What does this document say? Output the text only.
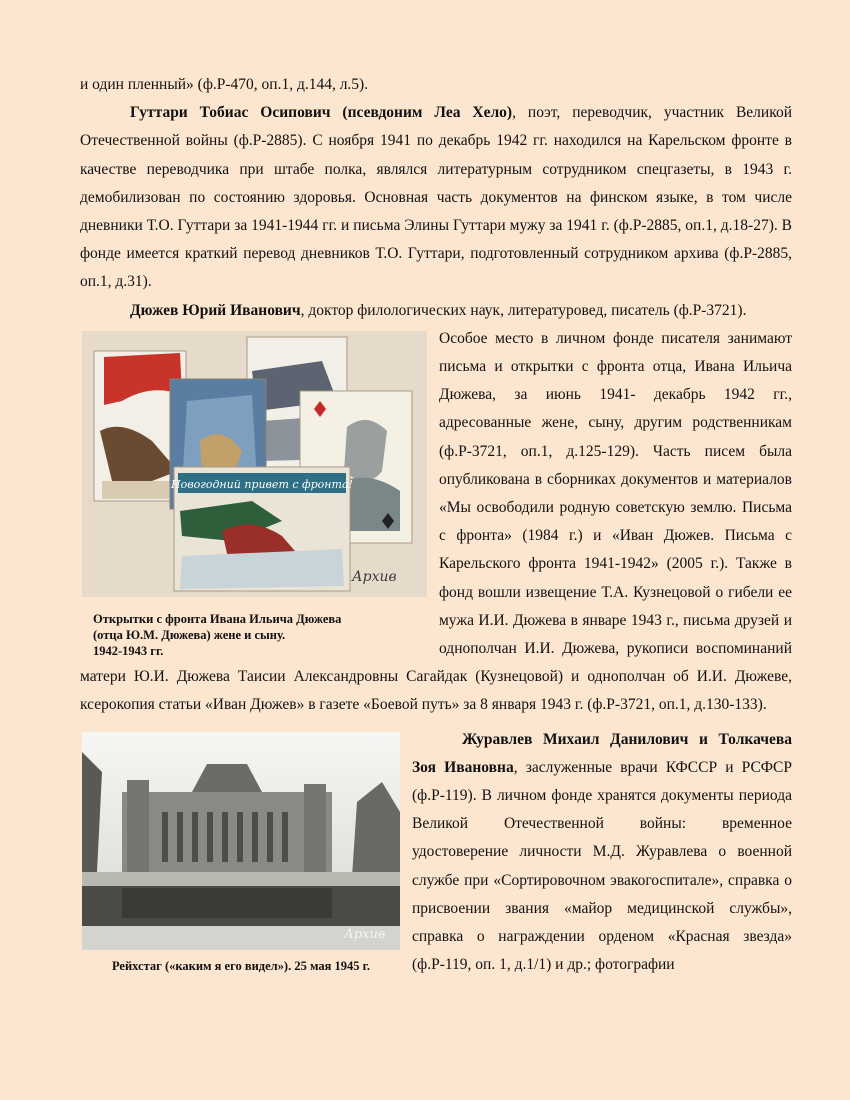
и один пленный» (ф.Р-470, оп.1, д.144, л.5).

Гуттари Тобиас Осипович (псевдоним Леа Хело), поэт, переводчик, участник Великой Отечественной войны (ф.Р-2885). С ноября 1941 по декабрь 1942 гг. находился на Карельском фронте в качестве переводчика при штабе полка, являлся литературным сотрудником спецгазеты, в 1943 г. демобилизован по состоянию здоровья. Основная часть документов на финском языке, в том числе дневники Т.О. Гуттари за 1941-1944 гг. и письма Элины Гуттари мужу за 1941 г. (ф.Р-2885, оп.1, д.18-27). В фонде имеется краткий перевод дневников Т.О. Гуттари, подготовленный сотрудником архива (ф.Р-2885, оп.1, д.31).

Дюжев Юрий Иванович, доктор филологических наук, литературовед, писатель (ф.Р-3721).

Новогодний привет с фронта!
Архив
Открытки с фронта Ивана Ильича Дюжева
(отца Ю.М. Дюжева) жене и сыну.
1942-1943 гг.

Особое место в личном фонде писателя занимают письма и открытки с фронта отца, Ивана Ильича Дюжева, за июнь 1941- декабрь 1942 гг., адресованные жене, сыну, другим родственникам (ф.Р-3721, оп.1, д.125-129). Часть писем была опубликована в сборниках документов и материалов «Мы освободили родную советскую землю. Письма с фронта» (1984 г.) и «Иван Дюжев. Письма с Карельского фронта 1941-1942» (2005 г.). Также в фонд вошли извещение Т.А. Кузнецовой о гибели ее мужа И.И. Дюжева в январе 1943 г., письма друзей и однополчан И.И. Дюжева, рукописи воспоминаний матери Ю.И. Дюжева Таисии Александровны Сагайдак (Кузнецовой) и однополчан об И.И. Дюжеве, ксерокопия статьи «Иван Дюжев» в газете «Боевой путь» за 8 января 1943 г. (ф.Р-3721, оп.1, д.130-133).

Архив
Рейхстаг («каким я его видел»). 25 мая 1945 г.

Журавлев Михаил Данилович и Толкачева Зоя Ивановна, заслуженные врачи КФССР и РСФСР (ф.Р-119). В личном фонде хранятся документы периода Великой Отечественной войны: временное удостоверение личности М.Д. Журавлева о военной службе при «Сортировочном эвакогоспитале», справка о присвоении звания «майор медицинской службы», справка о награждении орденом «Красная звезда» (ф.Р-119, оп. 1, д.1/1) и др.; фотографии
